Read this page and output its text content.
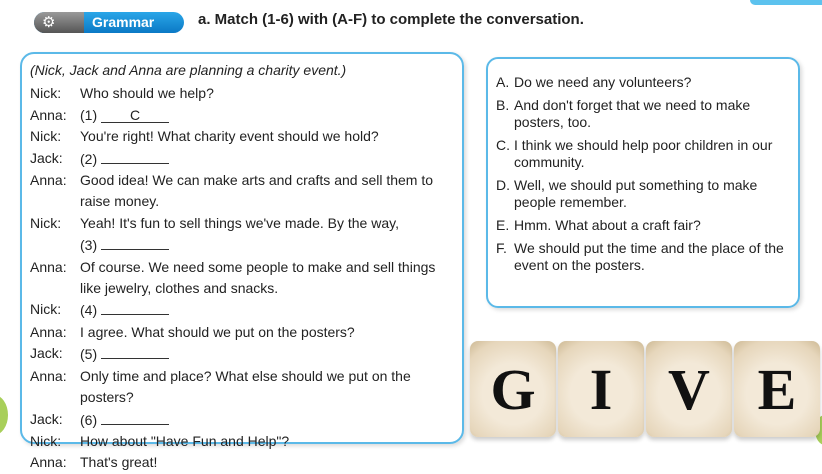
⚙	Grammar	a. Match (1-6) with (A-F) to complete the conversation.
(Nick, Jack and Anna are planning a charity event.)
Nick:	Who should we help?
Anna: (1) C
Nick:	You're right! What charity event should we hold?
Jack:	(2)
Anna: Good idea! We can make arts and crafts and sell them to
raise money.
Nick:	Yeah! It's fun to sell things we've made. By the way,
(3)
Anna: Of course. We need some people to make and sell things
like jewelry, clothes and snacks.
Nick:	(4)
Anna: I agree. What should we put on the posters?
Jack:	(5)
Anna: Only time and place? What else should we put on the posters?
Jack:	(6)
Nick:	How about "Have Fun and Help"?
Anna: That's great!
A. Do we need any volunteers?
B. And don't forget that we need to make posters, too.
C. I think we should help poor children in our community.
D. Well, we should put something to make people remember.
E. Hmm. What about a craft fair?
F. We should put the time and the place of the event on the posters.
G I V E
